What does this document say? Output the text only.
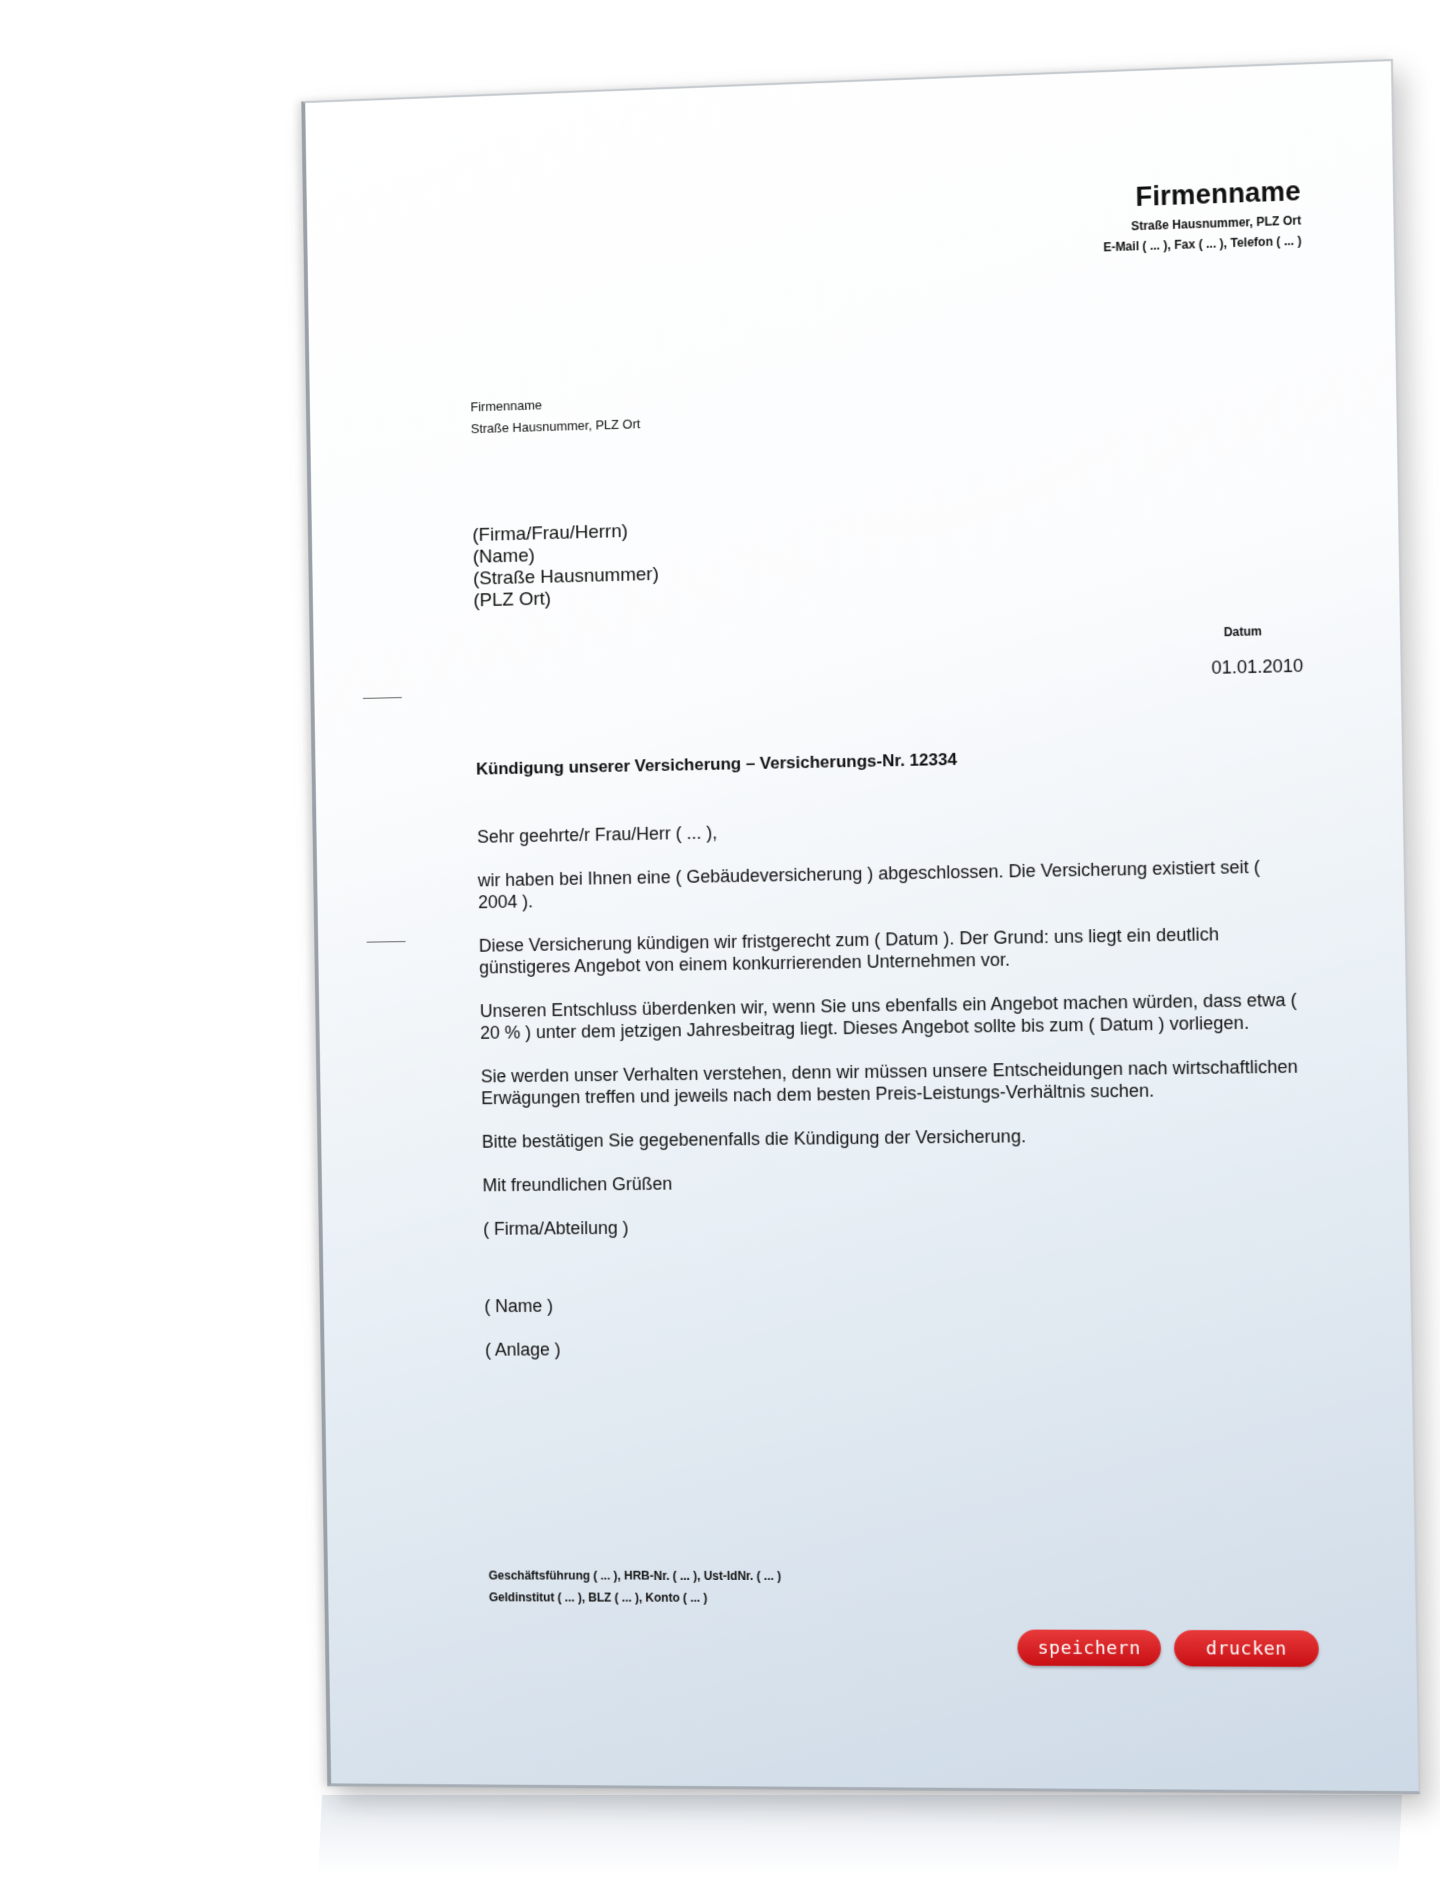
Firmenname
Straße Hausnummer, PLZ Ort
E-Mail ( ... ), Fax ( ... ), Telefon ( ... )
Firmenname
Straße Hausnummer, PLZ Ort
(Firma/Frau/Herrn)
(Name)
(Straße Hausnummer)
(PLZ Ort)
Datum
01.01.2010
Kündigung unserer Versicherung – Versicherungs-Nr. 12334

Sehr geehrte/r Frau/Herr ( ... ),

wir haben bei Ihnen eine ( Gebäudeversicherung ) abgeschlossen. Die Versicherung existiert seit ( 2004 ).

Diese Versicherung kündigen wir fristgerecht zum ( Datum ). Der Grund: uns liegt ein deutlich günstigeres Angebot von einem konkurrierenden Unternehmen vor.

Unseren Entschluss überdenken wir, wenn Sie uns ebenfalls ein Angebot machen würden, dass etwa ( 20 % ) unter dem jetzigen Jahresbeitrag liegt. Dieses Angebot sollte bis zum ( Datum ) vorliegen.

Sie werden unser Verhalten verstehen, denn wir müssen unsere Entscheidungen nach wirtschaftlichen Erwägungen treffen und jeweils nach dem besten Preis-Leistungs-Verhältnis suchen.

Bitte bestätigen Sie gegebenenfalls die Kündigung der Versicherung.

Mit freundlichen Grüßen

( Firma/Abteilung )

( Name )

( Anlage )

Geschäftsführung ( ... ), HRB-Nr. ( ... ), Ust-IdNr. ( ... )
Geldinstitut ( ... ), BLZ ( ... ), Konto ( ... )
speichern	drucken
